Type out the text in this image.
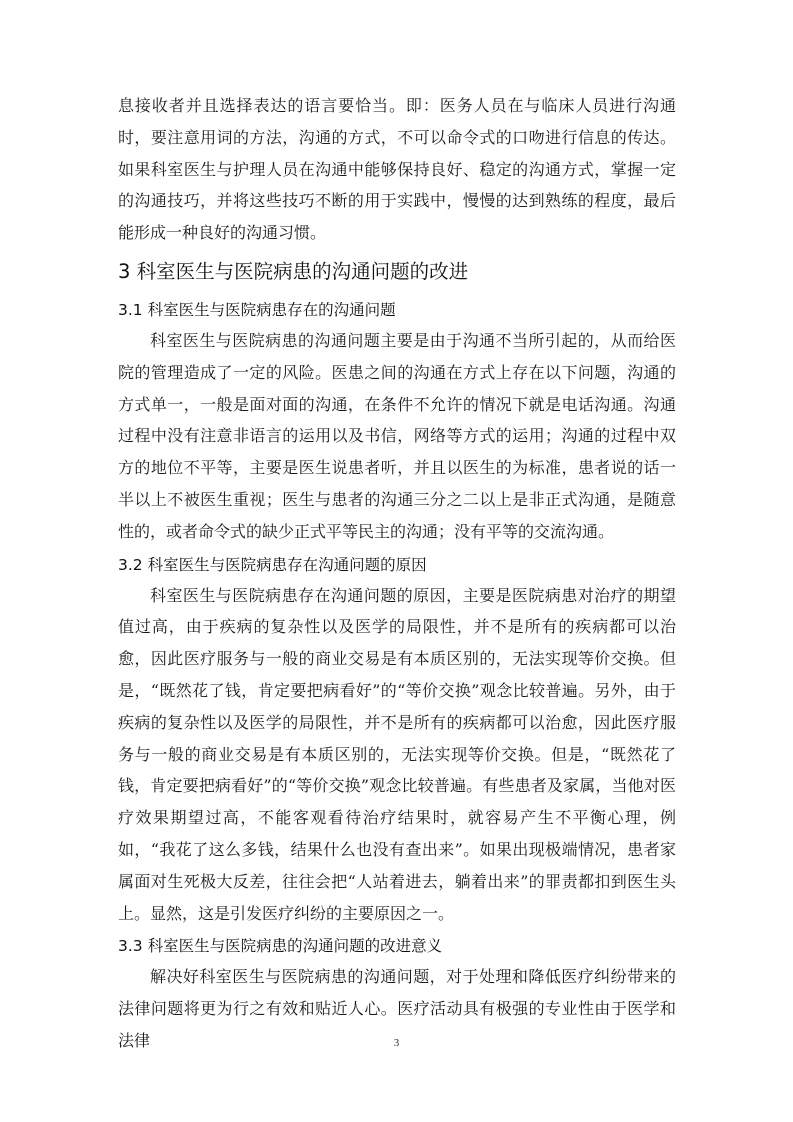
息接收者并且选择表达的语言要恰当。即：医务人员在与临床人员进行沟通时，要注意用词的方法，沟通的方式，不可以命令式的口吻进行信息的传达。如果科室医生与护理人员在沟通中能够保持良好、稳定的沟通方式，掌握一定的沟通技巧，并将这些技巧不断的用于实践中，慢慢的达到熟练的程度，最后能形成一种良好的沟通习惯。

3 科室医生与医院病患的沟通问题的改进
3.1 科室医生与医院病患存在的沟通问题

科室医生与医院病患的沟通问题主要是由于沟通不当所引起的，从而给医院的管理造成了一定的风险。医患之间的沟通在方式上存在以下问题，沟通的方式单一，一般是面对面的沟通，在条件不允许的情况下就是电话沟通。沟通过程中没有注意非语言的运用以及书信，网络等方式的运用；沟通的过程中双方的地位不平等，主要是医生说患者听，并且以医生的为标准，患者说的话一半以上不被医生重视；医生与患者的沟通三分之二以上是非正式沟通，是随意性的，或者命令式的缺少正式平等民主的沟通；没有平等的交流沟通。

3.2 科室医生与医院病患存在沟通问题的原因

科室医生与医院病患存在沟通问题的原因，主要是医院病患对治疗的期望值过高，由于疾病的复杂性以及医学的局限性，并不是所有的疾病都可以治愈，因此医疗服务与一般的商业交易是有本质区别的，无法实现等价交换。但是，“既然花了钱，肯定要把病看好”的“等价交换”观念比较普遍。另外，由于疾病的复杂性以及医学的局限性，并不是所有的疾病都可以治愈，因此医疗服务与一般的商业交易是有本质区别的，无法实现等价交换。但是，“既然花了钱，肯定要把病看好”的“等价交换”观念比较普遍。有些患者及家属，当他对医疗效果期望过高，不能客观看待治疗结果时，就容易产生不平衡心理，例如，“我花了这么多钱，结果什么也没有查出来”。如果出现极端情况，患者家属面对生死极大反差，往往会把“人站着进去，躺着出来”的罪责都扣到医生头上。显然，这是引发医疗纠纷的主要原因之一。

3.3 科室医生与医院病患的沟通问题的改进意义

解决好科室医生与医院病患的沟通问题，对于处理和降低医疗纠纷带来的法律问题将更为行之有效和贴近人心。医疗活动具有极强的专业性由于医学和法律	3
